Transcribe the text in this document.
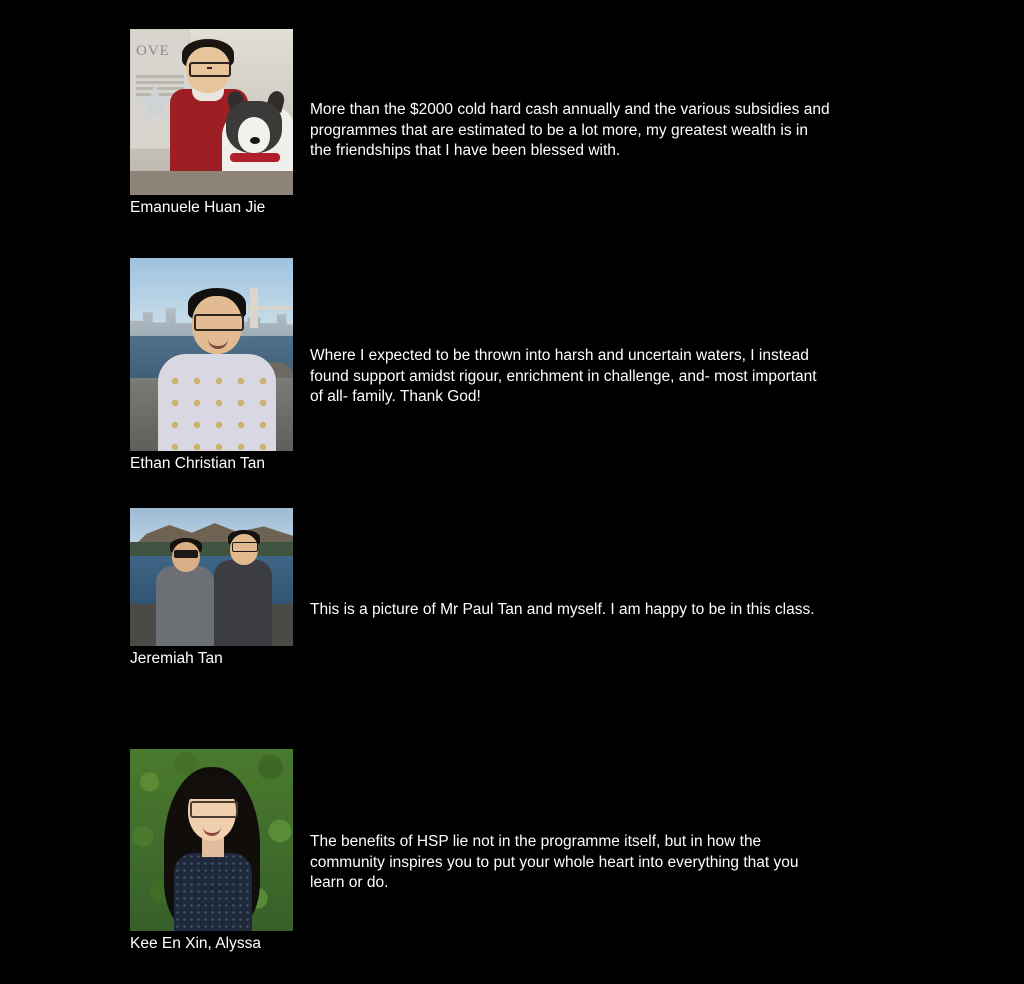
OVE
Emanuele Huan Jie
More than the $2000 cold hard cash annually and the various subsidies and programmes that are estimated to be a lot more, my greatest wealth is in the friendships that I have been blessed with.
Ethan Christian Tan
Where I expected to be thrown into harsh and uncertain waters, I instead found support amidst rigour, enrichment in challenge, and- most important of all- family. Thank God!
Jeremiah Tan
This is a picture of Mr Paul Tan and myself. I am happy to be in this class.
Kee En Xin, Alyssa
The benefits of HSP lie not in the programme itself, but in how the community inspires you to put your whole heart into everything that you learn or do.
